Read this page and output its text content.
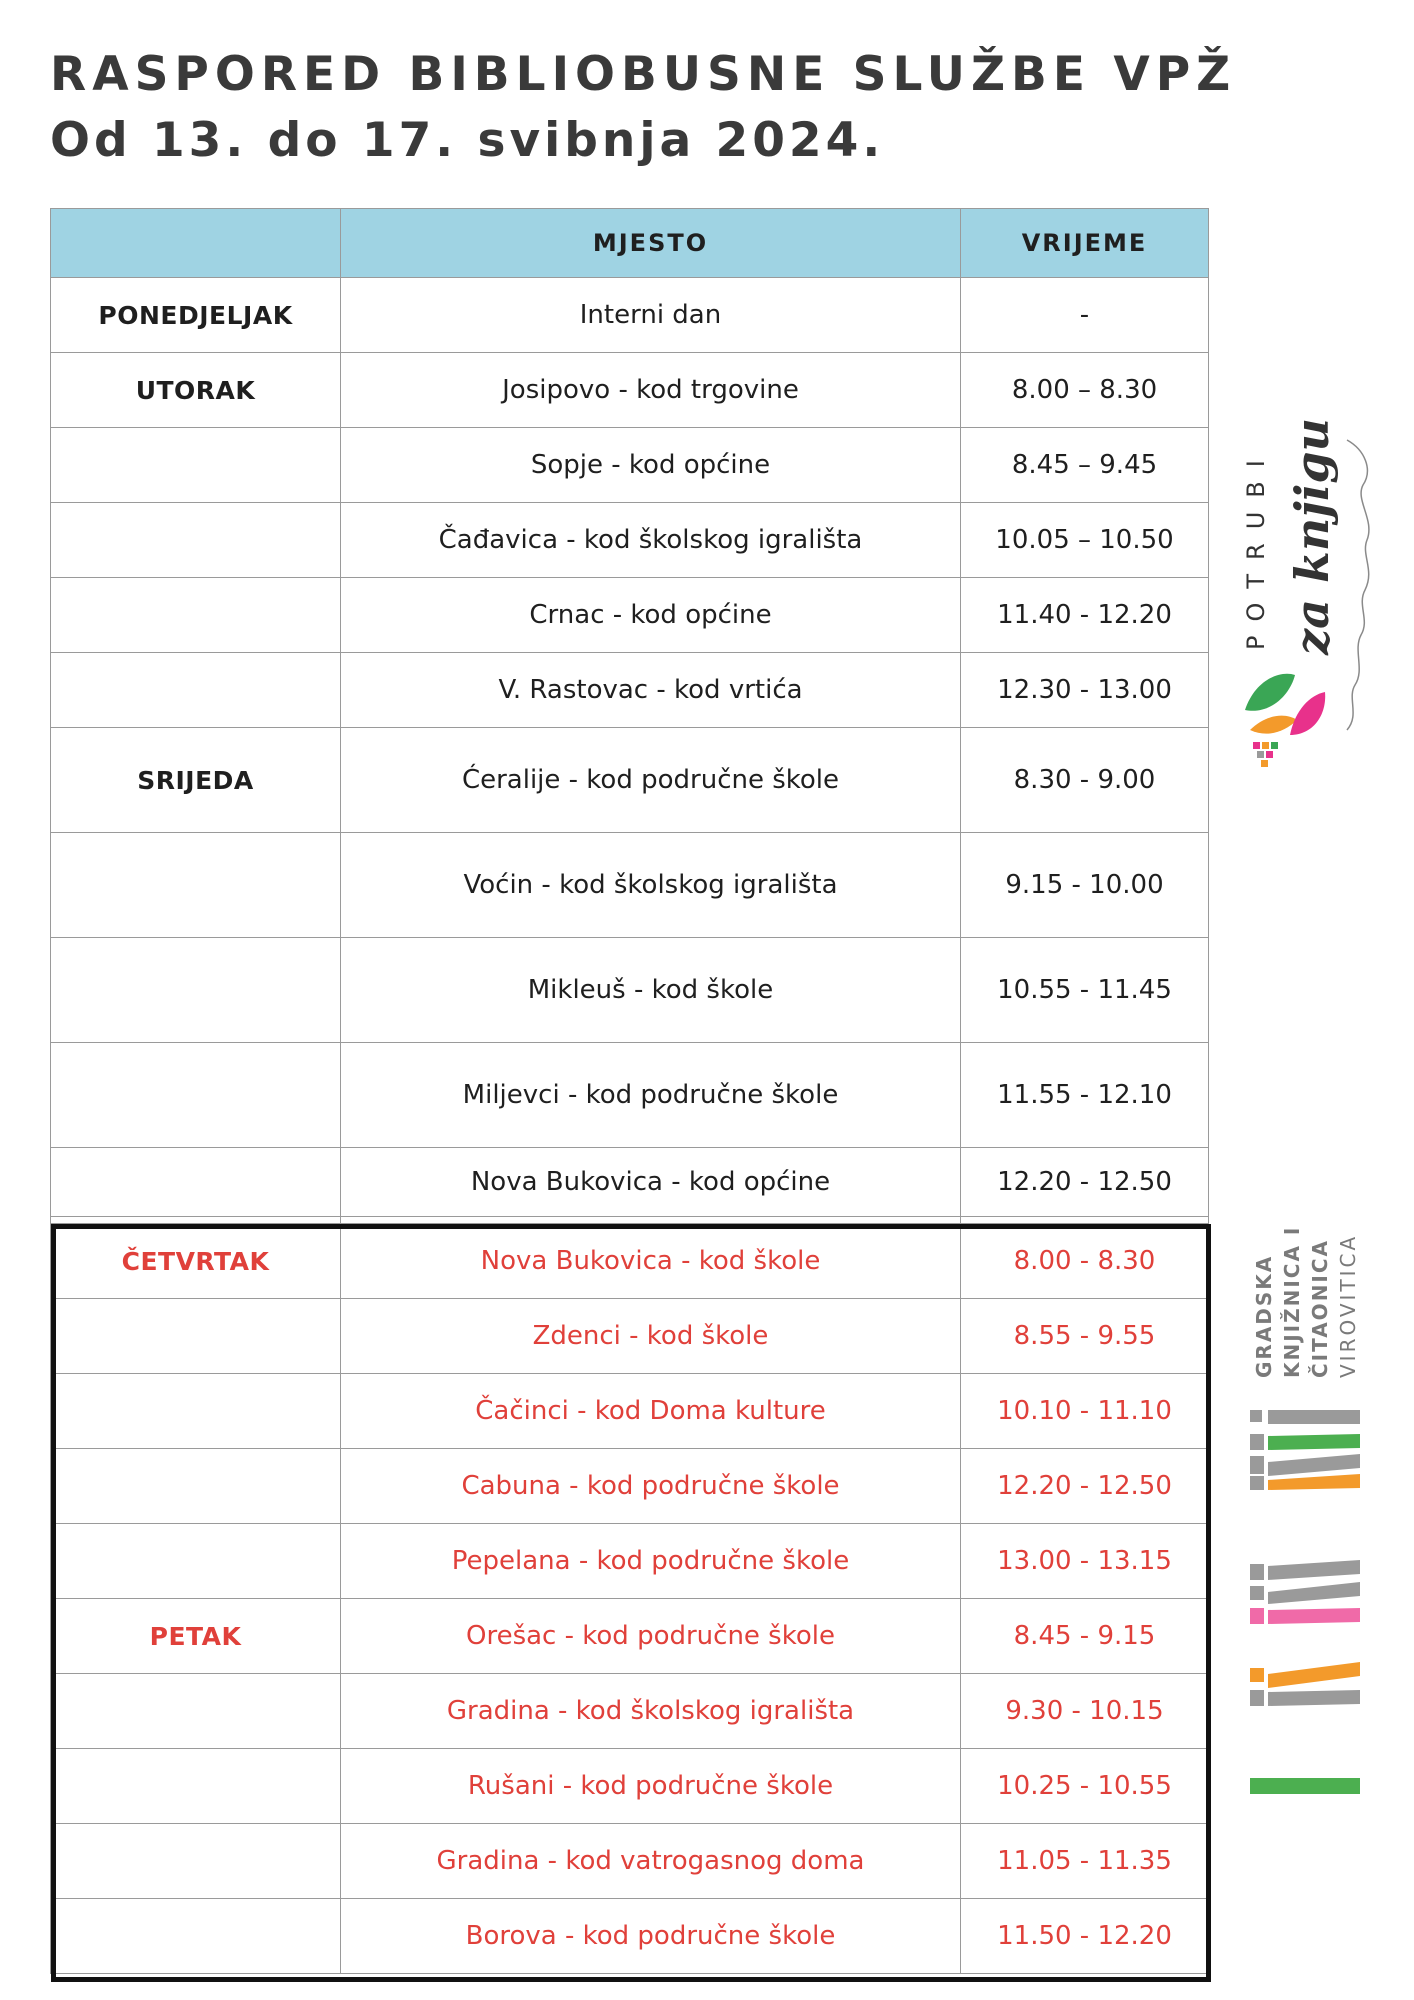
RASPORED BIBLIOBUSNE SLUŽBE VPŽ
Od 13. do 17. svibnja 2024.
	MJESTO	VRIJEME
PONEDJELJAK	Interni dan	-
UTORAK	Josipovo - kod trgovine	8.00 – 8.30
	Sopje - kod općine	8.45 – 9.45
	Čađavica - kod školskog igrališta	10.05 – 10.50
	Crnac - kod općine	11.40 - 12.20
	V. Rastovac - kod vrtića	12.30 - 13.00
SRIJEDA	Ćeralije - kod područne škole	8.30 - 9.00
	Voćin - kod školskog igrališta	9.15 - 10.00
	Mikleuš - kod škole	10.55 - 11.45
	Miljevci - kod područne škole	11.55 - 12.10
	Nova Bukovica - kod općine	12.20 - 12.50

ČETVRTAK	Nova Bukovica - kod škole	8.00 - 8.30
	Zdenci - kod škole	8.55 - 9.55
	Čačinci - kod Doma kulture	10.10 - 11.10
	Cabuna - kod područne škole	12.20 - 12.50
	Pepelana - kod područne škole	13.00 - 13.15
PETAK	Orešac - kod područne škole	8.45 - 9.15
	Gradina - kod školskog igrališta	9.30 - 10.15
	Rušani - kod područne škole	10.25 - 10.55
	Gradina - kod vatrogasnog doma	11.05 - 11.35
	Borova - kod područne škole	11.50 - 12.20
POTRUBI za knjigu
GRADSKA KNJIŽNICA I ČITAONICA VIROVITICA
